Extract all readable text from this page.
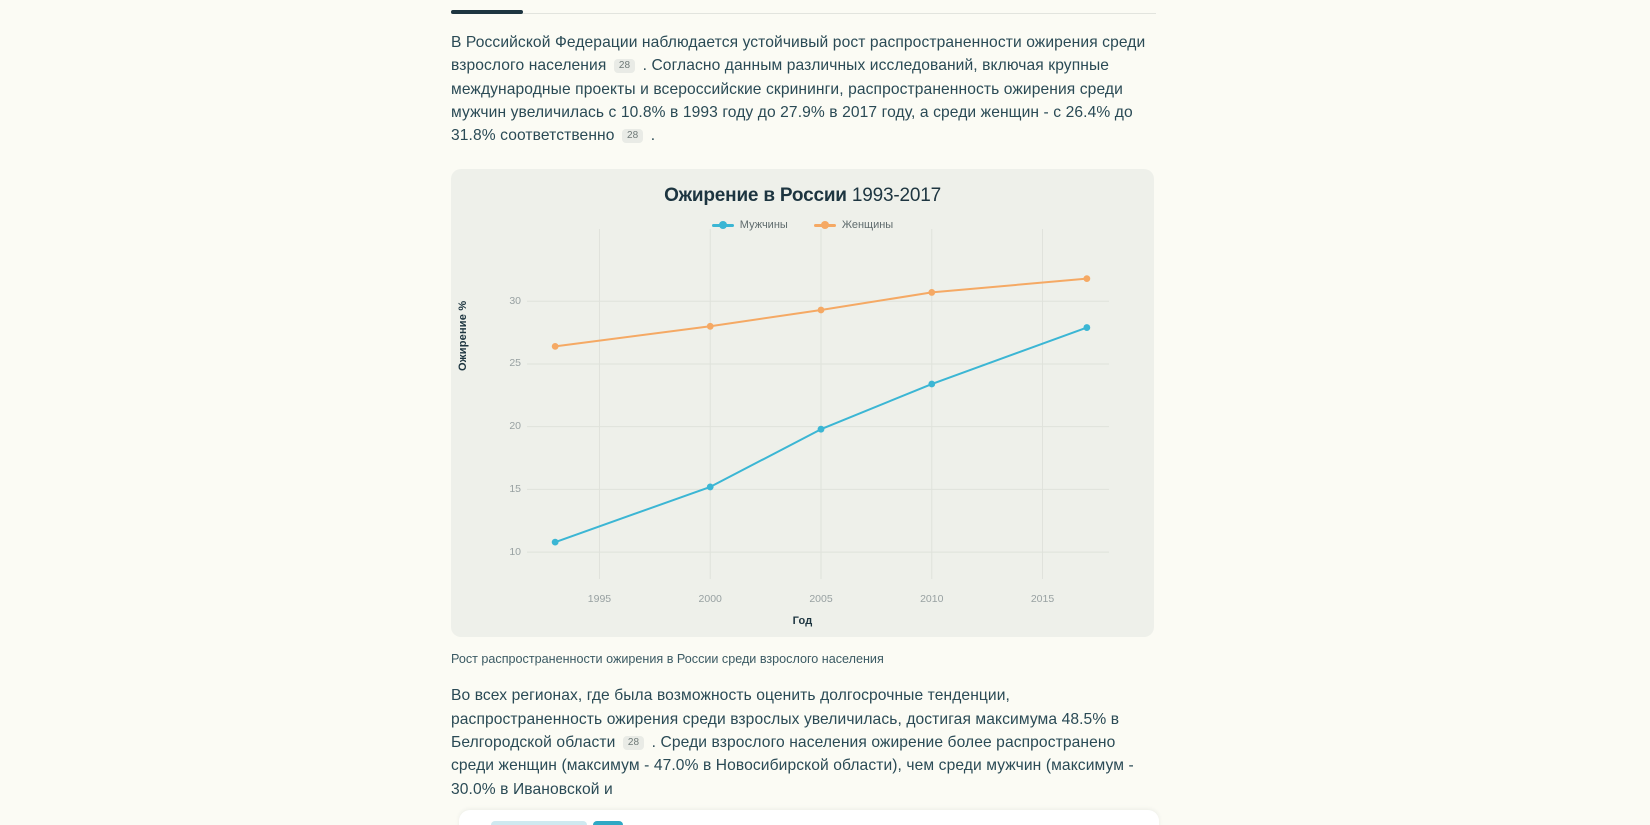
В Российской Федерации наблюдается устойчивый рост распространенности ожирения среди взрослого населения 28 . Согласно данным различных исследований, включая крупные международные проекты и всероссийские скрининги, распространенность ожирения среди мужчин увеличилась с 10.8% в 1993 году до 27.9% в 2017 году, а среди женщин - с 26.4% до 31.8% соответственно 28 .

Ожирение в России 1993-2017
Мужчины	Женщины
Ожирение %
Год
10
15
20
25
30
1995	2000	2005	2010	2015
Рост распространенности ожирения в России среди взрослого населения

Во всех регионах, где была возможность оценить долгосрочные тенденции, распространенность ожирения среди взрослых увеличилась, достигая максимума 48.5% в Белгородской области 28 . Среди взрослого населения ожирение более распространено среди женщин (максимум - 47.0% в Новосибирской области), чем среди мужчин (максимум - 30.0% в Ивановской и
